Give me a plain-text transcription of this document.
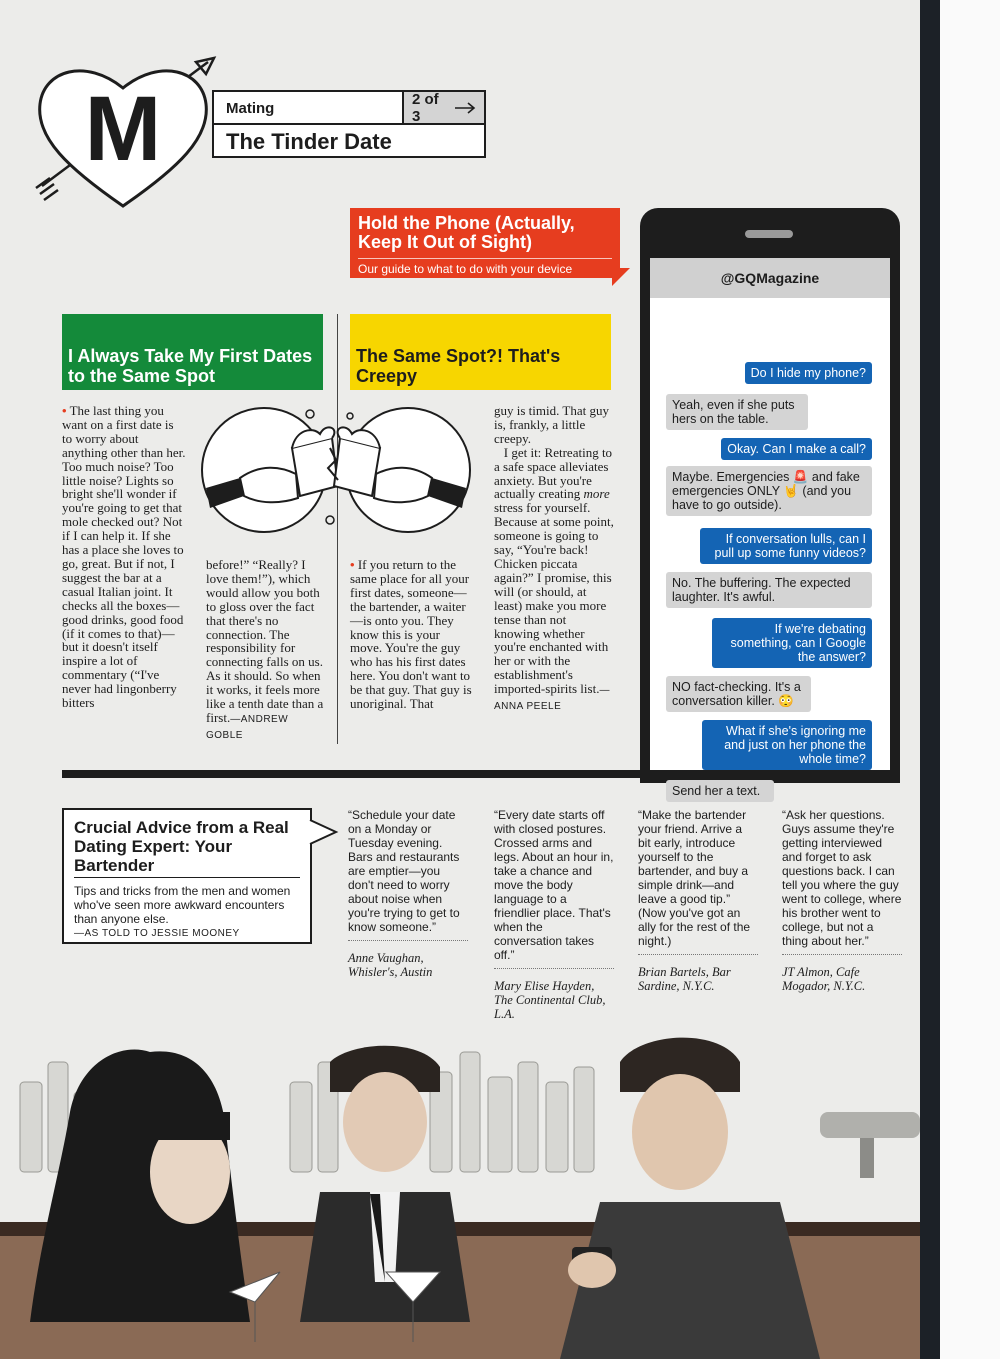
M	Mating
2 of 3
The Tinder Date
Hold the Phone (Actually, Keep It Out of Sight)

Our guide to what to do with your device

@GQMagazine
Do I hide my phone?
Yeah, even if she puts hers on the table.
Okay. Can I make a call?
Maybe. Emergencies 🚨 and fake emergencies ONLY 🤘 (and you have to go outside).
If conversation lulls, can I pull up some funny videos?
No. The buffering. The expected laughter. It's awful.
If we're debating something, can I Google the answer?
NO fact-checking. It's a conversation killer. 😳
What if she's ignoring me and just on her phone the whole time?
Send her a text.
I Always Take My First Dates to the Same Spot
The Same Spot?! That's Creepy
• The last thing you want on a first date is to worry about anything other than her. Too much noise? Too little noise? Lights so bright she'll wonder if you're going to get that mole checked out? Not if I can help it. If she has a place she loves to go, great. But if not, I suggest the bar at a casual Italian joint. It checks all the boxes—good drinks, good food (if it comes to that)—but it doesn't itself inspire a lot of commentary (“I've never had lingonberry bitters
before!” “Really? I love them!”), which would allow you both to gloss over the fact that there's no connection. The responsibility for connecting falls on us. As it should. So when it works, it feels more like a tenth date than a first.—ANDREW GOBLE
• If you return to the same place for all your first dates, someone—the bartender, a waiter—is onto you. They know this is your move. You're the guy who has his first dates here. You don't want to be that guy. That guy is unoriginal. That
guy is timid. That guy is, frankly, a little creepy.
I get it: Retreating to a safe space alleviates anxiety. But you're actually creating more stress for yourself. Because at some point, someone is going to say, “You're back! Chicken piccata again?” I promise, this will (or should, at least) make you more tense than not knowing whether you're enchanted with her or with the establishment's imported-spirits list.—ANNA PEELE
Crucial Advice from a Real Dating Expert: Your Bartender

Tips and tricks from the men and women who've seen more awkward encounters than anyone else.

—AS TOLD TO JESSIE MOONEY
“Schedule your date on a Monday or Tuesday evening. Bars and restaurants are emptier—you don't need to worry about noise when you're trying to get to know someone.”
Anne Vaughan, Whisler's, Austin
“Every date starts off with closed postures. Crossed arms and legs. About an hour in, take a chance and move the body language to a friendlier place. That's when the conversation takes off.”
Mary Elise Hayden, The Continental Club, L.A.
“Make the bartender your friend. Arrive a bit early, introduce yourself to the bartender, and buy a simple drink—and leave a good tip.” (Now you've got an ally for the rest of the night.)
Brian Bartels, Bar Sardine, N.Y.C.
“Ask her questions. Guys assume they're getting interviewed and forget to ask questions back. I can tell you where the guy went to college, where his brother went to college, but not a thing about her.”
JT Almon, Cafe Mogador, N.Y.C.
